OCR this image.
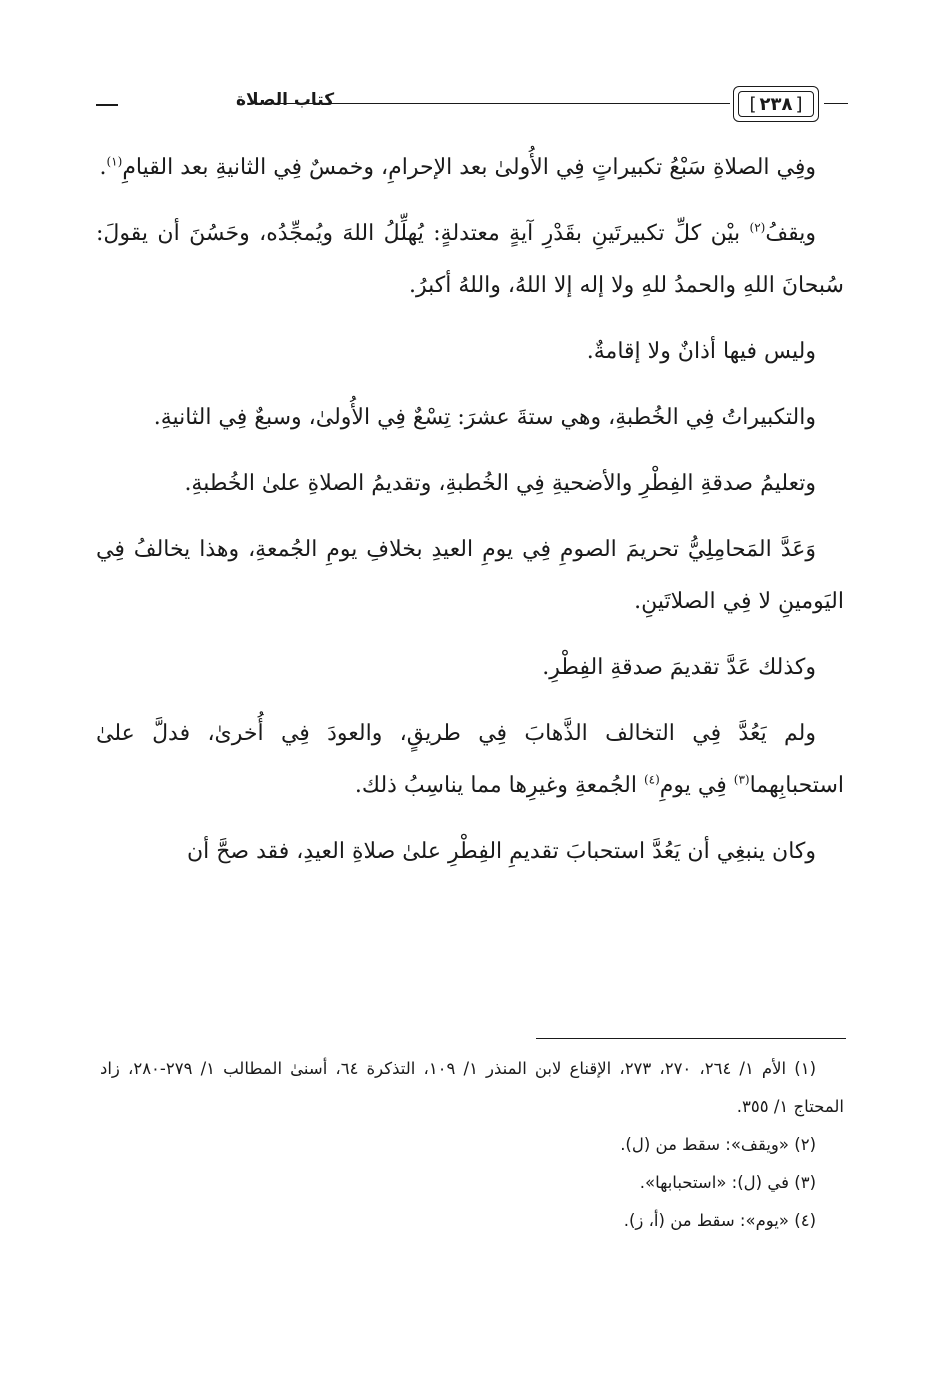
كتاب الصلاة	[ ٢٣٨ ]

وفِي الصلاةِ سَبْعُ تكبيراتٍ فِي الأُولىٰ بعد الإحرامِ، وخمسٌ فِي الثانيةِ بعد القيامِ$^{(١)}$.

ويقفُ$^{(٢)}$ بيْن كلِّ تكبيرتَينِ بقَدْرِ آيةٍ معتدلةٍ: يُهلِّلُ اللهَ ويُمجِّدُه، وحَسُنَ أن يقولَ: سُبحانَ اللهِ والحمدُ للهِ ولا إله إلا اللهُ، واللهُ أكبرُ.

وليس فيها أذانٌ ولا إقامةٌ.

والتكبيراتُ فِي الخُطبةِ، وهي ستةَ عشرَ: تِسْعٌ فِي الأُولىٰ، وسبعٌ فِي الثانيةِ.

وتعليمُ صدقةِ الفِطْرِ والأضحيةِ فِي الخُطبةِ، وتقديمُ الصلاةِ علىٰ الخُطبةِ.

وَعَدَّ المَحامِلِيُّ تحريمَ الصومِ فِي يومِ العيدِ بخلافِ يومِ الجُمعةِ، وهذا يخالفُ فِي اليَومينِ لا فِي الصلاتَينِ.

وكذلك عَدَّ تقديمَ صدقةِ الفِطْرِ.

ولم يَعُدَّ فِي التخالف الذَّهابَ فِي طريقٍ، والعودَ فِي أُخرىٰ، فدلَّ علىٰ استحبابِهما$^{(٣)}$ فِي يومِ$^{(٤)}$ الجُمعةِ وغيرِها مما يناسِبُ ذلك.

وكان ينبغِي أن يَعُدَّ استحبابَ تقديمِ الفِطْرِ علىٰ صلاةِ العيدِ، فقد صحَّ أن

(١) الأم ١/ ٢٦٤، ٢٧٠، ٢٧٣، الإقناع لابن المنذر ١/ ١٠٩، التذكرة ٦٤، أسنىٰ المطالب ١/ ٢٧٩-٢٨٠، زاد المحتاج ١/ ٣٥٥.
(٢) «ويقف»: سقط من (ل).
(٣) في (ل): «استحبابها».
(٤) «يوم»: سقط من (أ، ز).
